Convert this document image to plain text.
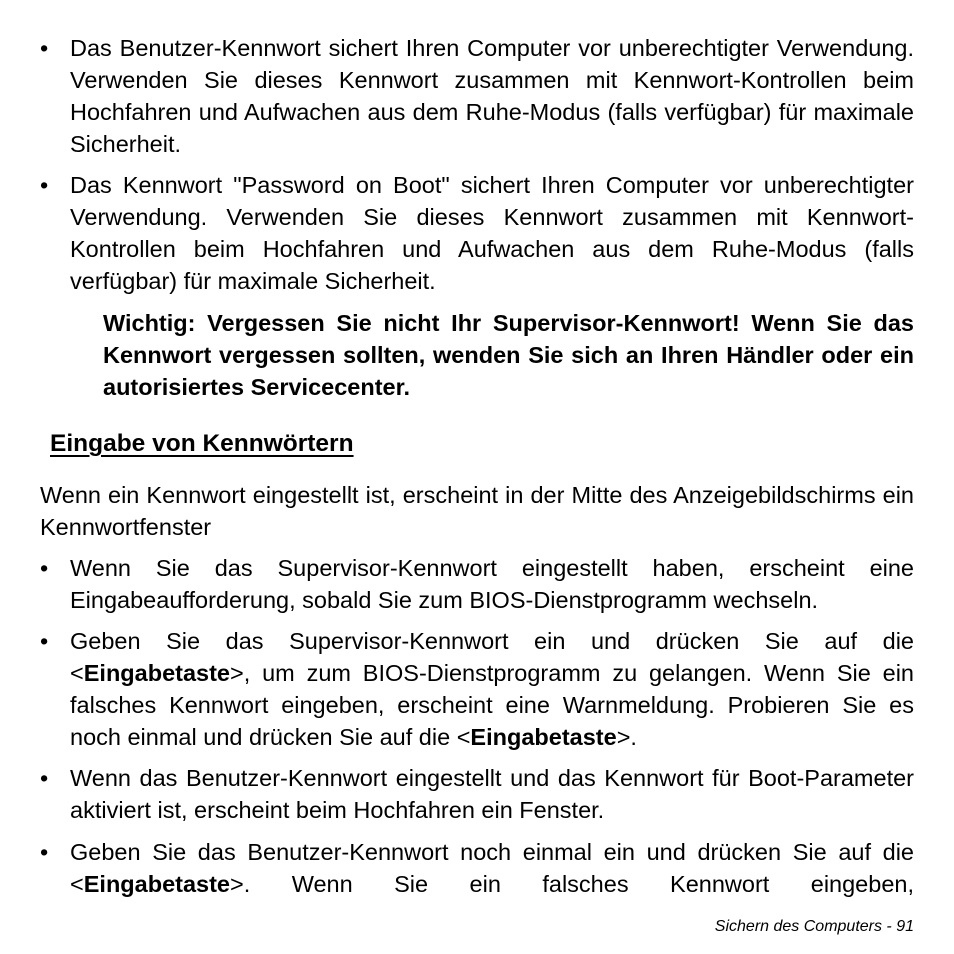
• Das Benutzer-Kennwort sichert Ihren Computer vor unberechtigter Verwendung. Verwenden Sie dieses Kennwort zusammen mit Kennwort-Kontrollen beim Hochfahren und Aufwachen aus dem Ruhe-Modus (falls verfügbar) für maximale Sicherheit.
• Das Kennwort "Password on Boot" sichert Ihren Computer vor unberechtigter Verwendung. Verwenden Sie dieses Kennwort zusammen mit Kennwort-Kontrollen beim Hochfahren und Aufwachen aus dem Ruhe-Modus (falls verfügbar) für maximale Sicherheit.
Wichtig: Vergessen Sie nicht Ihr Supervisor-Kennwort! Wenn Sie das Kennwort vergessen sollten, wenden Sie sich an Ihren Händler oder ein autorisiertes Servicecenter.
Eingabe von Kennwörtern
Wenn ein Kennwort eingestellt ist, erscheint in der Mitte des Anzeigebildschirms ein Kennwortfenster
• Wenn Sie das Supervisor-Kennwort eingestellt haben, erscheint eine Eingabeaufforderung, sobald Sie zum BIOS-Dienstprogramm wechseln.
• Geben Sie das Supervisor-Kennwort ein und drücken Sie auf die <Eingabetaste>, um zum BIOS-Dienstprogramm zu gelangen. Wenn Sie ein falsches Kennwort eingeben, erscheint eine Warnmeldung. Probieren Sie es noch einmal und drücken Sie auf die <Eingabetaste>.
• Wenn das Benutzer-Kennwort eingestellt und das Kennwort für Boot-Parameter aktiviert ist, erscheint beim Hochfahren ein Fenster.
• Geben Sie das Benutzer-Kennwort noch einmal ein und drücken Sie auf die <Eingabetaste>. Wenn Sie ein falsches Kennwort eingeben,
Sichern des Computers - 91
